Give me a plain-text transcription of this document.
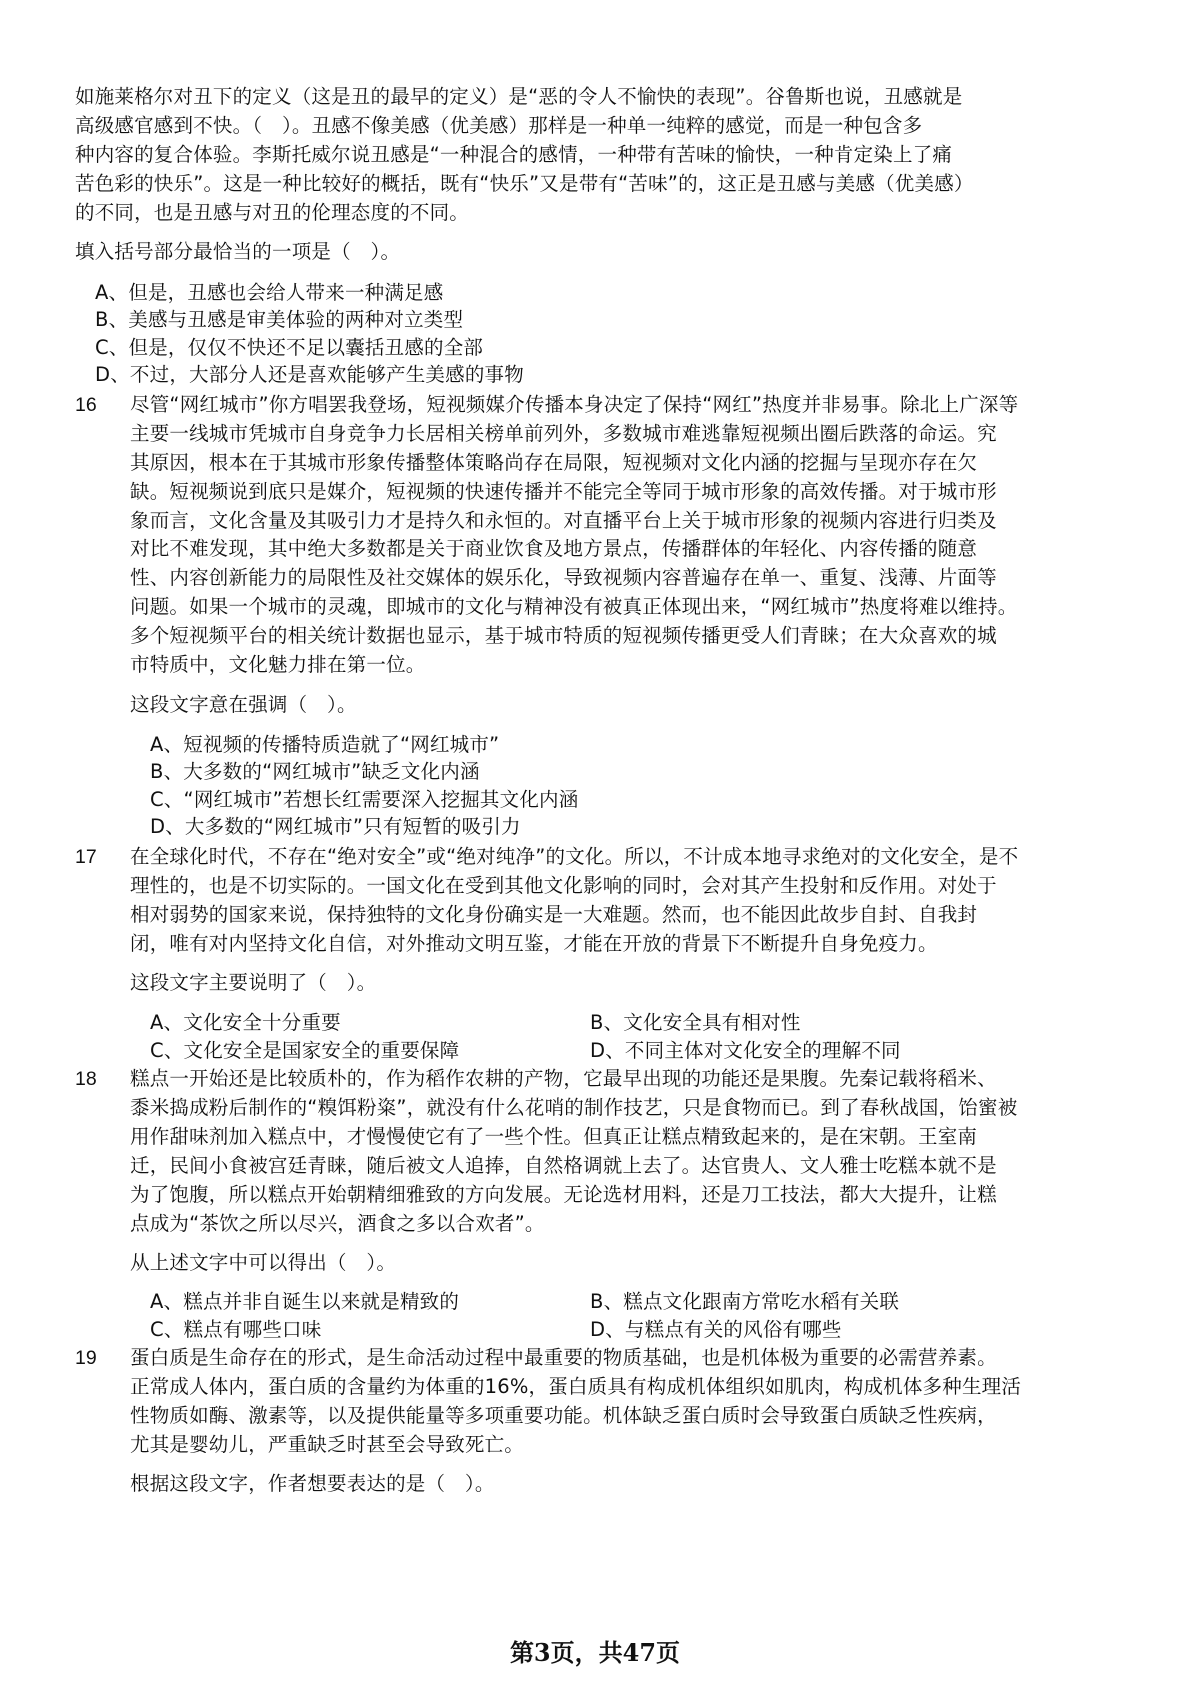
如施莱格尔对丑下的定义（这是丑的最早的定义）是“恶的令人不愉快的表现”。谷鲁斯也说，丑感就是
高级感官感到不快。（　）。丑感不像美感（优美感）那样是一种单一纯粹的感觉，而是一种包含多
种内容的复合体验。李斯托威尔说丑感是“一种混合的感情，一种带有苦味的愉快，一种肯定染上了痛
苦色彩的快乐”。这是一种比较好的概括，既有“快乐”又是带有“苦味”的，这正是丑感与美感（优美感）
的不同，也是丑感与对丑的伦理态度的不同。
填入括号部分最恰当的一项是（　）。
A、但是，丑感也会给人带来一种满足感
B、美感与丑感是审美体验的两种对立类型
C、但是，仅仅不快还不足以囊括丑感的全部
D、不过，大部分人还是喜欢能够产生美感的事物
16 尽管“网红城市”你方唱罢我登场，短视频媒介传播本身决定了保持“网红”热度并非易事。除北上广深等
主要一线城市凭城市自身竞争力长居相关榜单前列外，多数城市难逃靠短视频出圈后跌落的命运。究
其原因，根本在于其城市形象传播整体策略尚存在局限，短视频对文化内涵的挖掘与呈现亦存在欠
缺。短视频说到底只是媒介，短视频的快速传播并不能完全等同于城市形象的高效传播。对于城市形
象而言，文化含量及其吸引力才是持久和永恒的。对直播平台上关于城市形象的视频内容进行归类及
对比不难发现，其中绝大多数都是关于商业饮食及地方景点，传播群体的年轻化、内容传播的随意
性、内容创新能力的局限性及社交媒体的娱乐化，导致视频内容普遍存在单一、重复、浅薄、片面等
问题。如果一个城市的灵魂，即城市的文化与精神没有被真正体现出来，“网红城市”热度将难以维持。
多个短视频平台的相关统计数据也显示，基于城市特质的短视频传播更受人们青睐；在大众喜欢的城
市特质中，文化魅力排在第一位。
这段文字意在强调（　）。
A、短视频的传播特质造就了“网红城市”
B、大多数的“网红城市”缺乏文化内涵
C、“网红城市”若想长红需要深入挖掘其文化内涵
D、大多数的“网红城市”只有短暂的吸引力
17 在全球化时代，不存在“绝对安全”或“绝对纯净”的文化。所以，不计成本地寻求绝对的文化安全，是不
理性的，也是不切实际的。一国文化在受到其他文化影响的同时，会对其产生投射和反作用。对处于
相对弱势的国家来说，保持独特的文化身份确实是一大难题。然而，也不能因此故步自封、自我封
闭，唯有对内坚持文化自信，对外推动文明互鉴，才能在开放的背景下不断提升自身免疫力。
这段文字主要说明了（　）。
A、文化安全十分重要	B、文化安全具有相对性
C、文化安全是国家安全的重要保障	D、不同主体对文化安全的理解不同
18 糕点一开始还是比较质朴的，作为稻作农耕的产物，它最早出现的功能还是果腹。先秦记载将稻米、
黍米捣成粉后制作的“糗饵粉粢”，就没有什么花哨的制作技艺，只是食物而已。到了春秋战国，饴蜜被
用作甜味剂加入糕点中，才慢慢使它有了一些个性。但真正让糕点精致起来的，是在宋朝。王室南
迁，民间小食被宫廷青睐，随后被文人追捧，自然格调就上去了。达官贵人、文人雅士吃糕本就不是
为了饱腹，所以糕点开始朝精细雅致的方向发展。无论选材用料，还是刀工技法，都大大提升，让糕
点成为“茶饮之所以尽兴，酒食之多以合欢者”。
从上述文字中可以得出（　）。
A、糕点并非自诞生以来就是精致的	B、糕点文化跟南方常吃水稻有关联
C、糕点有哪些口味	D、与糕点有关的风俗有哪些
19 蛋白质是生命存在的形式，是生命活动过程中最重要的物质基础，也是机体极为重要的必需营养素。
正常成人体内，蛋白质的含量约为体重的16%，蛋白质具有构成机体组织如肌肉，构成机体多种生理活
性物质如酶、激素等，以及提供能量等多项重要功能。机体缺乏蛋白质时会导致蛋白质缺乏性疾病，
尤其是婴幼儿，严重缺乏时甚至会导致死亡。
根据这段文字，作者想要表达的是（　）。
第3页，共47页
